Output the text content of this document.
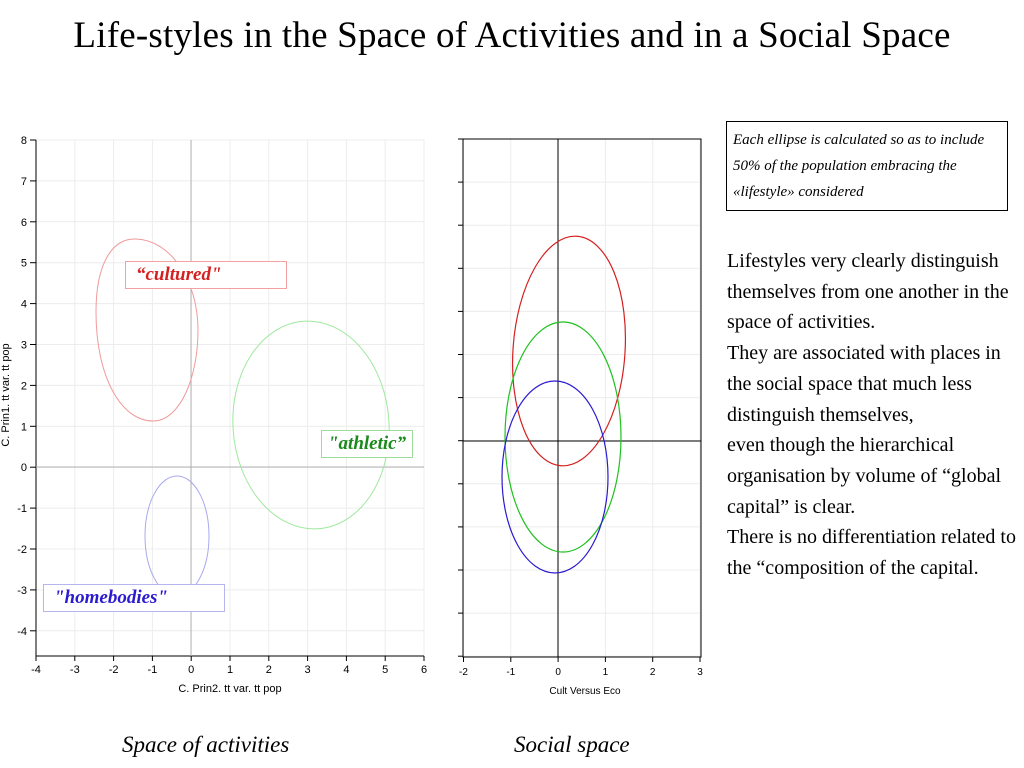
Life-styles in the Space of Activities and in a Social Space
-4	-3	-2	-1	0	1	2	3	4	5	6
8
7
6
5
4
3
2
1
0
-1
-2
-3
-4
C. Prin2. tt var. tt pop
C. Prin1. tt var. tt pop
-2	-1	0	1	2	3
Cult Versus Eco
“cultured"
"athletic”
"homebodies"
Each ellipse is calculated so as to include 50% of the population embracing the «lifestyle» considered
Lifestyles very clearly distinguish themselves from one another in the space of activities.
They are associated with places in the social space that much less distinguish themselves,
even though the hierarchical organisation by volume of “global capital” is clear.
There is no differentiation related to the “composition of the capital.
Space of activities	Social space
